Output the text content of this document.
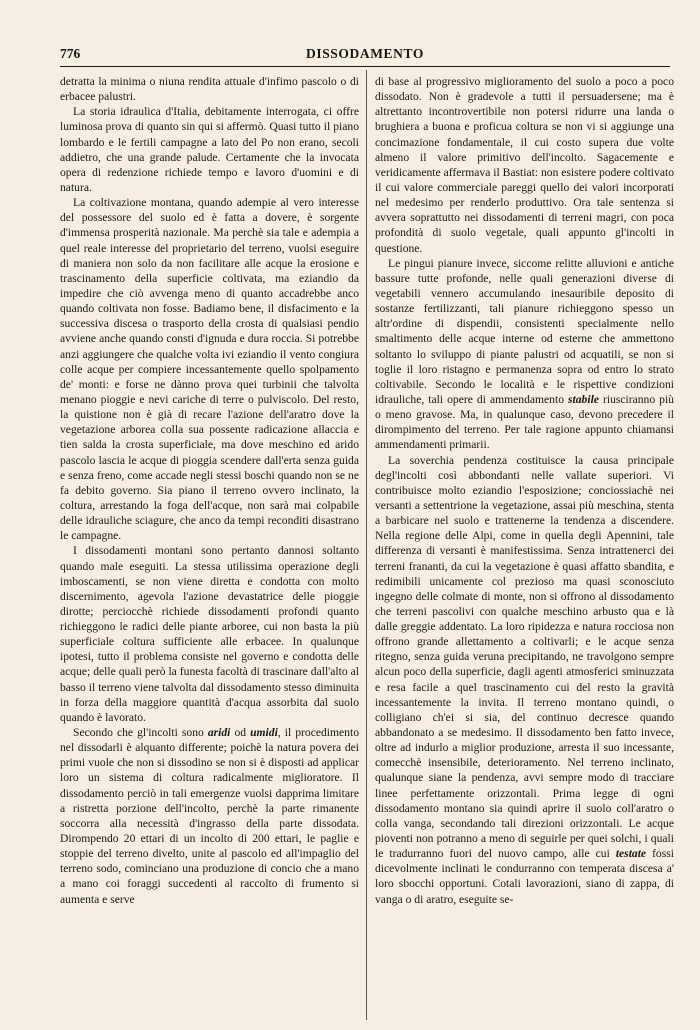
776	DISSODAMENTO

detratta la minima o niuna rendita attuale d'infimo pascolo o di erbacee palustri.

La storia idraulica d'Italia, debitamente interrogata, ci offre luminosa prova di quanto sin qui si affermò. Quasi tutto il piano lombardo e le fertili campagne a lato del Po non erano, secoli addietro, che una grande palude. Certamente che la invocata opera di redenzione richiede tempo e lavoro d'uomini e di natura.

La coltivazione montana, quando adempie al vero interesse del possessore del suolo ed è fatta a dovere, è sorgente d'immensa prosperità nazionale. Ma perchè sia tale e adempia a quel reale interesse del proprietario del terreno, vuolsi eseguire di maniera non solo da non facilitare alle acque la erosione e trascinamento della superficie coltivata, ma eziandio da impedire che ciò avvenga meno di quanto accadrebbe anco quando coltivata non fosse. Badiamo bene, il disfacimento e la successiva discesa o trasporto della crosta di qualsiasi pendio avviene anche quando consti d'ignuda e dura roccia. Si potrebbe anzi aggiungere che qualche volta ivi eziandio il vento congiura colle acque per compiere incessantemente quello spolpamento de' monti: e forse ne dànno prova quei turbinii che talvolta menano pioggie e nevi cariche di terre o pulviscolo. Del resto, la quistione non è già di recare l'azione dell'aratro dove la vegetazione arborea colla sua possente radicazione allaccia e tien salda la crosta superficiale, ma dove meschino ed arido pascolo lascia le acque di pioggia scendere dall'erta senza guida e senza freno, come accade negli stessi boschi quando non se ne fa debito governo. Sia piano il terreno ovvero inclinato, la coltura, arrestando la foga dell'acque, non sarà mai colpabile delle idrauliche sciagure, che anco da tempi reconditi disastrano le campagne.

I dissodamenti montani sono pertanto dannosi soltanto quando male eseguiti. La stessa utilissima operazione degli imboscamenti, se non viene diretta e condotta con molto discernimento, agevola l'azione devastatrice delle pioggie dirotte; perciocchè richiede dissodamenti profondi quanto richieggono le radici delle piante arboree, cui non basta la più superficiale coltura sufficiente alle erbacee. In qualunque ipotesi, tutto il problema consiste nel governo e condotta delle acque; delle quali però la funesta facoltà di trascinare dall'alto al basso il terreno viene talvolta dal dissodamento stesso diminuita in forza della maggiore quantità d'acqua assorbita dal suolo quando è lavorato.

Secondo che gl'incolti sono aridi od umidi, il procedimento nel dissodarli è alquanto differente; poichè la natura povera dei primi vuole che non si dissodino se non si è disposti ad applicar loro un sistema di coltura radicalmente miglioratore. Il dissodamento perciò in tali emergenze vuolsi dapprima limitare a ristretta porzione dell'incolto, perchè la parte rimanente soccorra alla necessità d'ingrasso della parte dissodata. Dirompendo 20 ettari di un incolto di 200 ettari, le paglie e stoppie del terreno divelto, unite al pascolo ed all'impaglio del terreno sodo, cominciano una produzione di concio che a mano a mano coi foraggi succedenti al raccolto di frumento si aumenta e serve

di base al progressivo miglioramento del suolo a poco a poco dissodato. Non è gradevole a tutti il persuadersene; ma è altrettanto incontrovertibile non potersi ridurre una landa o brughiera a buona e proficua coltura se non vi si aggiunge una concimazione fondamentale, il cui costo supera due volte almeno il valore primitivo dell'incolto. Sagacemente e veridicamente affermava il Bastiat: non esistere podere coltivato il cui valore commerciale pareggi quello dei valori incorporati nel medesimo per renderlo produttivo. Ora tale sentenza si avvera soprattutto nei dissodamenti di terreni magri, con poca profondità di suolo vegetale, quali appunto gl'incolti in questione.

Le pingui pianure invece, siccome relitte alluvioni e antiche bassure tutte profonde, nelle quali generazioni diverse di vegetabili vennero accumulando inesauribile deposito di sostanze fertilizzanti, tali pianure richieggono spesso un altr'ordine di dispendii, consistenti specialmente nello smaltimento delle acque interne od esterne che ammettono soltanto lo sviluppo di piante palustri od acquatili, se non si toglie il loro ristagno e permanenza sopra od entro lo strato coltivabile. Secondo le località e le rispettive condizioni idrauliche, tali opere di ammendamento stabile riusciranno più o meno gravose. Ma, in qualunque caso, devono precedere il dirompimento del terreno. Per tale ragione appunto chiamansi ammendamenti primarii.

La soverchia pendenza costituisce la causa principale degl'incolti così abbondanti nelle vallate superiori. Vi contribuisce molto eziandio l'esposizione; conciossiachè nei versanti a settentrione la vegetazione, assai più meschina, stenta a barbicare nel suolo e trattenerne la tendenza a discendere. Nella regione delle Alpi, come in quella degli Apennini, tale differenza di versanti è manifestissima. Senza intrattenerci dei terreni frananti, da cui la vegetazione è quasi affatto sbandita, e redimibili unicamente col prezioso ma quasi sconosciuto ingegno delle colmate di monte, non si offrono al dissodamento che terreni pascolivi con qualche meschino arbusto qua e là dalle greggie addentato. La loro ripidezza e natura rocciosa non offrono grande allettamento a coltivarli; e le acque senza ritegno, senza guida veruna precipitando, ne travolgono sempre alcun poco della superficie, dagli agenti atmosferici sminuzzata e resa facile a quel trascinamento cui del resto la gravità incessantemente la invita. Il terreno montano quindi, o colligiano ch'ei si sia, del continuo decresce quando abbandonato a se medesimo. Il dissodamento ben fatto invece, oltre ad indurlo a miglior produzione, arresta il suo incessante, comecchè insensibile, deterioramento. Nel terreno inclinato, qualunque siane la pendenza, avvi sempre modo di tracciare linee perfettamente orizzontali. Prima legge di ogni dissodamento montano sia quindi aprire il suolo coll'aratro o colla vanga, secondando tali direzioni orizzontali. Le acque pioventi non potranno a meno di seguirle per quei solchi, i quali le tradurranno fuori del nuovo campo, alle cui testate fossi dicevolmente inclinati le condurranno con temperata discesa a' loro sbocchi opportuni. Cotali lavorazioni, siano di zappa, di vanga o di aratro, eseguite se-
